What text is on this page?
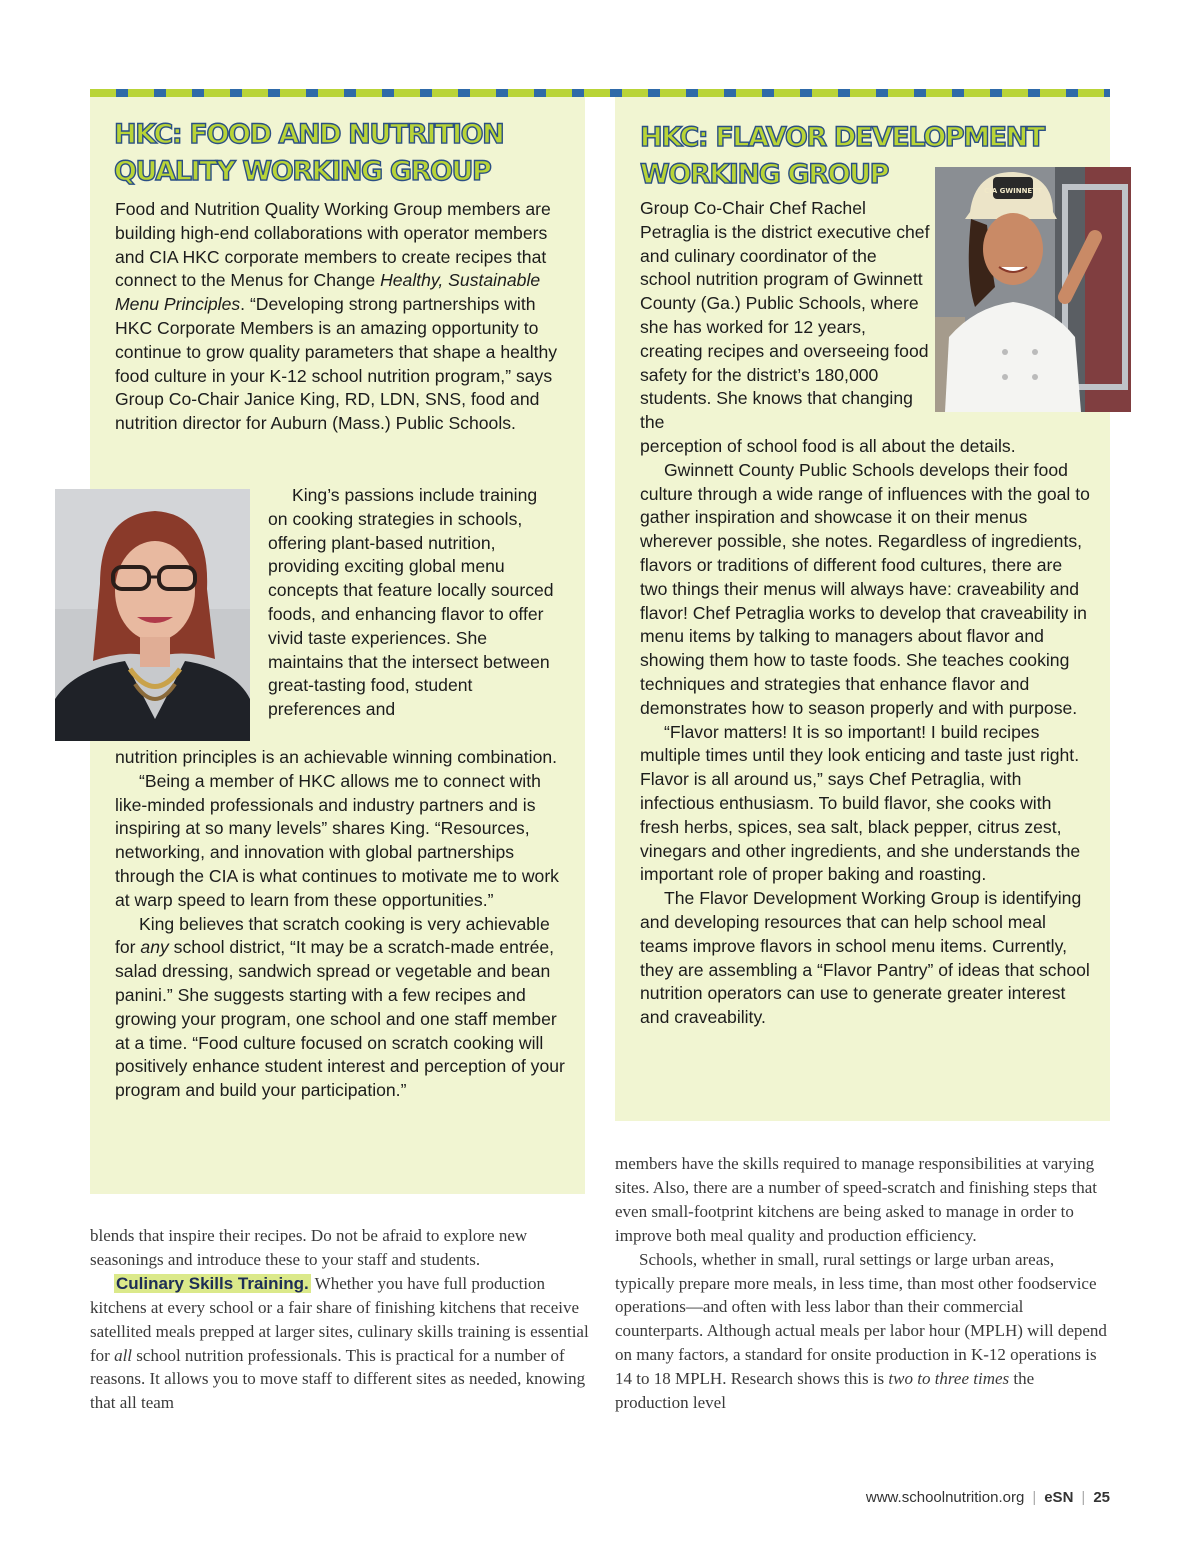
HKC: FOOD AND NUTRITION
QUALITY WORKING GROUP

Food and Nutrition Quality Working Group members are building high-end collaborations with operator members and CIA HKC corporate members to create recipes that connect to the Menus for Change Healthy, Sustainable Menu Principles. “Developing strong partnerships with HKC Corporate Members is an amazing opportunity to continue to grow quality parameters that shape a healthy food culture in your K-12 school nutrition program,” says Group Co-Chair Janice King, RD, LDN, SNS, food and nutrition director for Auburn (Mass.) Public Schools.

King’s passions include training on cooking strategies in schools, offering plant-based nutrition, providing exciting global menu concepts that feature locally sourced foods, and enhancing flavor to offer vivid taste experiences. She maintains that the intersect between great-tasting food, student preferences and

nutrition principles is an achievable winning combination.

“Being a member of HKC allows me to connect with like-minded professionals and industry partners and is inspiring at so many levels” shares King. “Resources, networking, and innovation with global partnerships through the CIA is what continues to motivate me to work at warp speed to learn from these opportunities.”

King believes that scratch cooking is very achievable for any school district, “It may be a scratch-made entrée, salad dressing, sandwich spread or vegetable and bean panini.” She suggests starting with a few recipes and growing your program, one school and one staff member at a time. “Food culture focused on scratch cooking will positively enhance student interest and perception of your program and build your participation.”

HKC: FLAVOR DEVELOPMENT
WORKING GROUP
CIA GWINNETT

Group Co-Chair Chef Rachel Petraglia is the district executive chef and culinary coordinator of the school nutrition program of Gwinnett County (Ga.) Public Schools, where she has worked for 12 years, creating recipes and overseeing food safety for the district’s 180,000 students. She knows that changing the

perception of school food is all about the details.

Gwinnett County Public Schools develops their food culture through a wide range of influences with the goal to gather inspiration and showcase it on their menus wherever possible, she notes. Regardless of ingredients, flavors or traditions of different food cultures, there are two things their menus will always have: craveability and flavor! Chef Petraglia works to develop that craveability in menu items by talking to managers about flavor and showing them how to taste foods. She teaches cooking techniques and strategies that enhance flavor and demonstrates how to season properly and with purpose.

“Flavor matters! It is so important! I build recipes multiple times until they look enticing and taste just right. Flavor is all around us,” says Chef Petraglia, with infectious enthusiasm. To build flavor, she cooks with fresh herbs, spices, sea salt, black pepper, citrus zest, vinegars and other ingredients, and she understands the important role of proper baking and roasting.

The Flavor Development Working Group is identifying and developing resources that can help school meal teams improve flavors in school menu items. Currently, they are assembling a “Flavor Pantry” of ideas that school nutrition operators can use to generate greater interest and craveability.

blends that inspire their recipes. Do not be afraid to explore new seasonings and introduce these to your staff and students.

Culinary Skills Training. Whether you have full production kitchens at every school or a fair share of finishing kitchens that receive satellited meals prepped at larger sites, culinary skills training is essential for all school nutrition professionals. This is practical for a number of reasons. It allows you to move staff to different sites as needed, knowing that all team

members have the skills required to manage responsibilities at varying sites. Also, there are a number of speed-scratch and finishing steps that even small-footprint kitchens are being asked to manage in order to improve both meal quality and production efficiency.

Schools, whether in small, rural settings or large urban areas, typically prepare more meals, in less time, than most other foodservice operations—and often with less labor than their commercial counterparts. Although actual meals per labor hour (MPLH) will depend on many factors, a standard for onsite production in K-12 operations is 14 to 18 MPLH. Research shows this is two to three times the production level

www.schoolnutrition.org | eSN | 25
